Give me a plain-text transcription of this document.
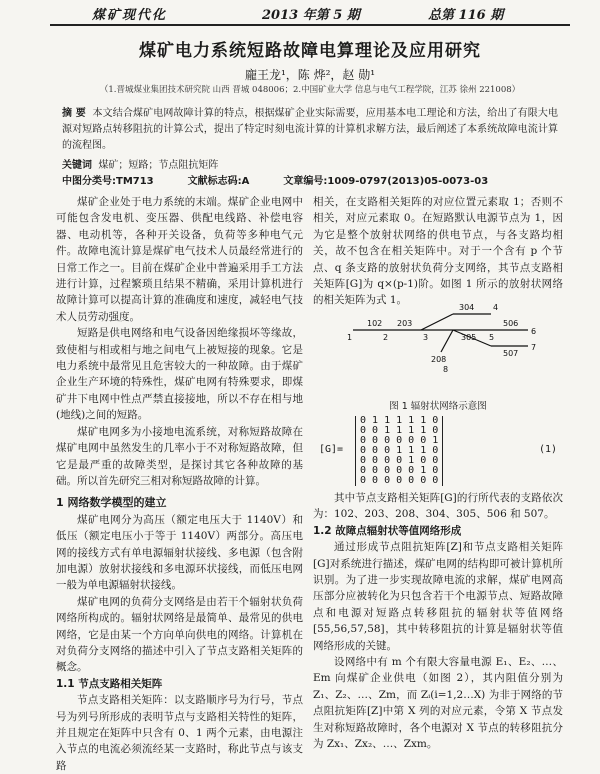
煤矿现代化	2013 年第 5 期	总第 116 期
煤矿电力系统短路故障电算理论及应用研究
龐王龙¹，陈 烨²，赵 勋¹
（1.晋城煤业集团技术研究院 山西 晋城 048006；2.中国矿业大学 信息与电气工程学院，江苏 徐州 221008）
摘 要 本文结合煤矿电网故障计算的特点，根据煤矿企业实际需要，应用基本电工理论和方法，给出了有限大电源对短路点转移阻抗的计算公式，提出了特定时刻电流计算的计算机求解方法，最后阐述了本系统故障电流计算的流程图。
关键词 煤矿；短路；节点阻抗矩阵
中图分类号:TM713	文献标志码:A	文章编号:1009-0797(2013)05-0073-03

煤矿企业处于电力系统的末端。煤矿企业电网中可能包含发电机、变压器、供配电线路、补偿电容器、电动机等，各种开关设备，负荷等多种电气元件。故障电流计算是煤矿电气技术人员最经常进行的日常工作之一。目前在煤矿企业中普遍采用手工方法进行计算，过程繁琐且结果不精确，采用计算机进行故障计算可以提高计算的准确度和速度，减轻电气技术人员劳动强度。

短路是供电网络和电气设备因绝缘损坏等缘故，致使相与相或相与地之间电气上被短接的现象。它是电力系统中最常见且危害较大的一种故障。由于煤矿企业生产环境的特殊性，煤矿电网有特殊要求，即煤矿井下电网中性点严禁直接接地，所以不存在相与地(地线)之间的短路。

煤矿电网多为小接地电流系统，对称短路故障在煤矿电网中虽然发生的几率小于不对称短路故障，但它是最严重的故障类型，是探讨其它各种故障的基础。所以首先研究三相对称短路故障的计算。

1 网络数学模型的建立

煤矿电网分为高压（额定电压大于 1140V）和低压（额定电压小于等于 1140V）两部分。高压电网的接线方式有单电源辐射状接线、多电源（包含附加电源）放射状接线和多电源环状接线，而低压电网一般为单电源辐射状接线。

煤矿电网的负荷分支网络是由若干个辐射状负荷网络所构成的。辐射状网络是最简单、最常见的供电网络，它是由某一个方向单向供电的网络。计算机在对负荷分支网络的描述中引入了节点支路相关矩阵的概念。

1.1 节点支路相关矩阵

节点支路相关矩阵：以支路顺序号为行号，节点号为列号所形成的表明节点与支路相关特性的矩阵，并且规定在矩阵中只含有 0、1 两个元素，由电源注入节点的电流必须流经某一支路时，称此节点与该支路

相关，在支路相关矩阵的对应位置元素取 1；否则不相关，对应元素取 0。在短路默认电源节点为 1，因为它是整个放射状网络的供电节点，与各支路均相关，故不包含在相关矩阵中。对于一个含有 p 个节点、q 条支路的放射状负荷分支网络，其节点支路相关矩阵[G]为 q×(p-1)阶。如图 1 所示的放射状网络的相关矩阵为式 1。

102 203
304
305
208
506
507
1	2	3
4
5
6
7
8
图 1 辐射状网络示意图
[G]=
0 1 1 1 1 1 0
0 0 1 1 1 1 0
0 0 0 0 0 0 1
0 0 0 1 1 1 0
0 0 0 0 1 0 0
0 0 0 0 0 1 0
0 0 0 0 0 0 0
(1)

其中节点支路相关矩阵[G]的行所代表的支路依次为：102、203、208、304、305、506 和 507。

1.2 故障点辐射状等值网络形成

通过形成节点阻抗矩阵[Z]和节点支路相关矩阵[G]对系统进行描述，煤矿电网的结构即可被计算机所识别。为了进一步实现故障电流的求解，煤矿电网高压部分应被转化为只包含若干个电源节点、短路故障点和电源对短路点转移阻抗的辐射状等值网络[55,56,57,58]，其中转移阻抗的计算是辐射状等值网络形成的关键。

设网络中有 m 个有限大容量电源 E₁、E₂、…、Em 向煤矿企业供电（如图 2），其内阻值分别为 Z₁、Z₂、…、Zm，而 Zᵢ(i=1,2…X) 为非于网络的节点阻抗矩阵[Z]中第 X 列的对应元素，令第 X 节点发生对称短路故障时，各个电源对 X 节点的转移阻抗分为 Zx₁、Zx₂、…、Zxm。
